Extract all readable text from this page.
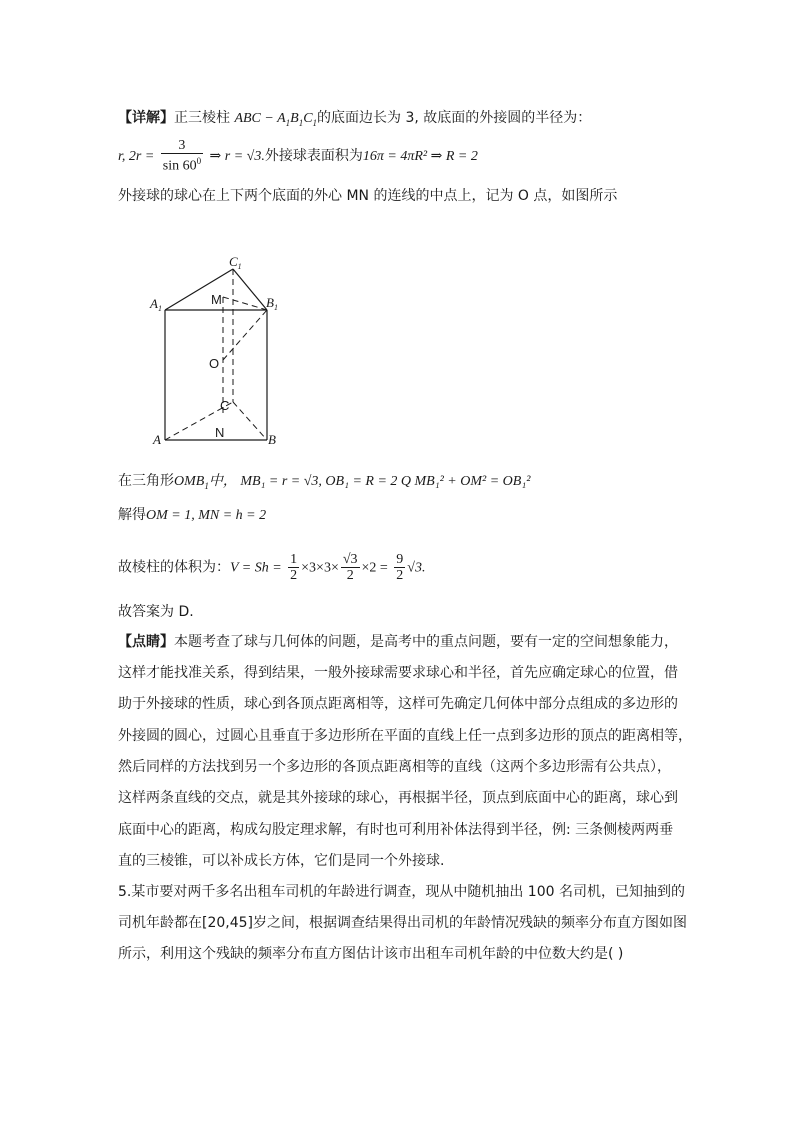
【详解】正三棱柱 ABC − $A_1B_1C_1$的底面边长为 3, 故底面的外接圆的半径为：
r, $2r = \frac{3}{\sin 60^0}$ ⇒ r = √3.外接球表面积为16π = 4πR² ⇒ R = 2
外接球的球心在上下两个底面的外心 MN 的连线的中点上，记为 O 点，如图所示
$C_1$
$A_1$	$B_1$
A	B
M
O
C
N
在三角形$OMB_1$中， MB₁ = r = √3, OB₁ = R = 2 Q MB₁² + OM² = OB₁²
解得OM = 1, MN = h = 2
故棱柱的体积为：$V = Sh = \frac{1}{2} \times 3\times 3\times \frac{√3}{2} \times 2 = \frac{9}{2} √3$.
故答案为 D.
【点睛】本题考查了球与几何体的问题，是高考中的重点问题，要有一定的空间想象能力，
这样才能找准关系，得到结果，一般外接球需要求球心和半径，首先应确定球心的位置，借
助于外接球的性质，球心到各顶点距离相等，这样可先确定几何体中部分点组成的多边形的
外接圆的圆心，过圆心且垂直于多边形所在平面的直线上任一点到多边形的顶点的距离相等，
然后同样的方法找到另一个多边形的各顶点距离相等的直线（这两个多边形需有公共点），
这样两条直线的交点，就是其外接球的球心，再根据半径，顶点到底面中心的距离，球心到
底面中心的距离，构成勾股定理求解，有时也可利用补体法得到半径，例: 三条侧棱两两垂
直的三棱锥，可以补成长方体，它们是同一个外接球.
5.某市要对两千多名出租车司机的年龄进行调查，现从中随机抽出 100 名司机，已知抽到的
司机年龄都在[20,45]岁之间，根据调查结果得出司机的年龄情况残缺的频率分布直方图如图
所示，利用这个残缺的频率分布直方图估计该市出租车司机年龄的中位数大约是( )
